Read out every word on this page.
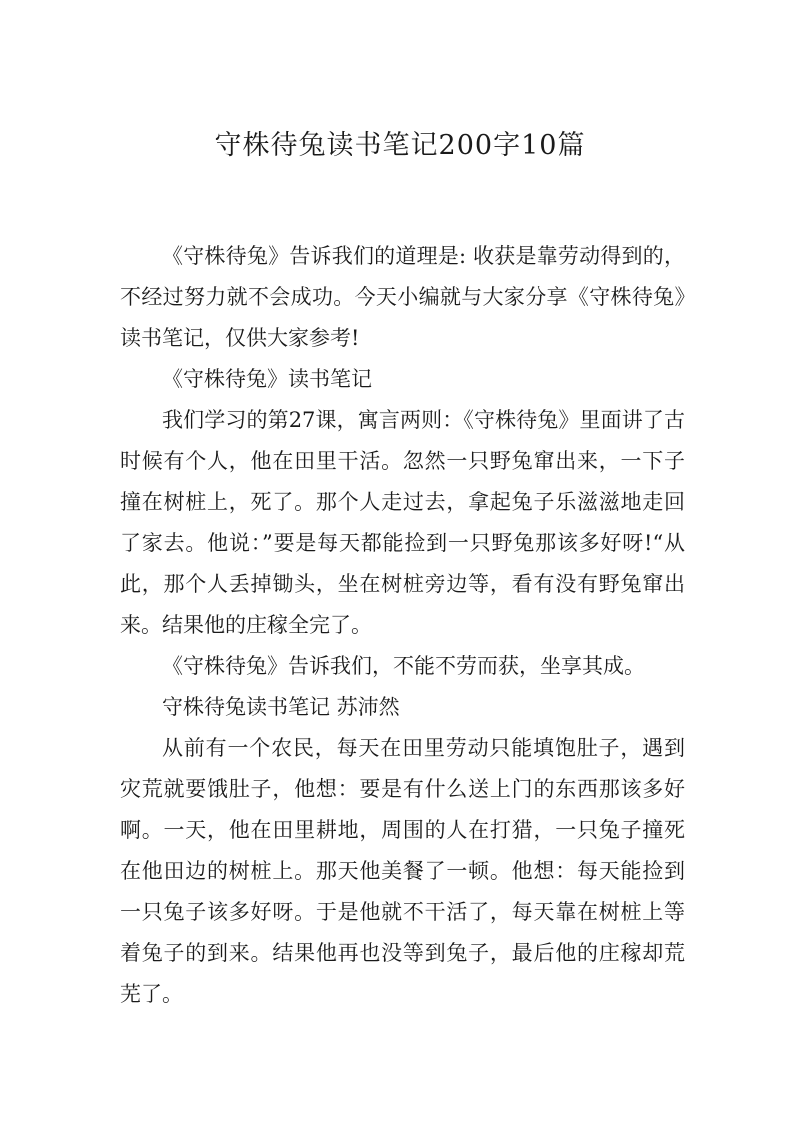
守株待兔读书笔记200字10篇

《守株待兔》告诉我们的道理是: 收获是靠劳动得到的，不经过努力就不会成功。今天小编就与大家分享《守株待兔》读书笔记，仅供大家参考!

《守株待兔》读书笔记

我们学习的第27课，寓言两则：《守株待兔》里面讲了古时候有个人，他在田里干活。忽然一只野兔窜出来，一下子撞在树桩上，死了。那个人走过去，拿起兔子乐滋滋地走回了家去。他说：”要是每天都能捡到一只野兔那该多好呀!“从此，那个人丢掉锄头，坐在树桩旁边等，看有没有野兔窜出来。结果他的庄稼全完了。

《守株待兔》告诉我们，不能不劳而获，坐享其成。

守株待兔读书笔记 苏沛然

从前有一个农民，每天在田里劳动只能填饱肚子，遇到灾荒就要饿肚子，他想：要是有什么送上门的东西那该多好啊。一天，他在田里耕地，周围的人在打猎，一只兔子撞死在他田边的树桩上。那天他美餐了一顿。他想：每天能捡到一只兔子该多好呀。于是他就不干活了，每天靠在树桩上等着兔子的到来。结果他再也没等到兔子，最后他的庄稼却荒芜了。
